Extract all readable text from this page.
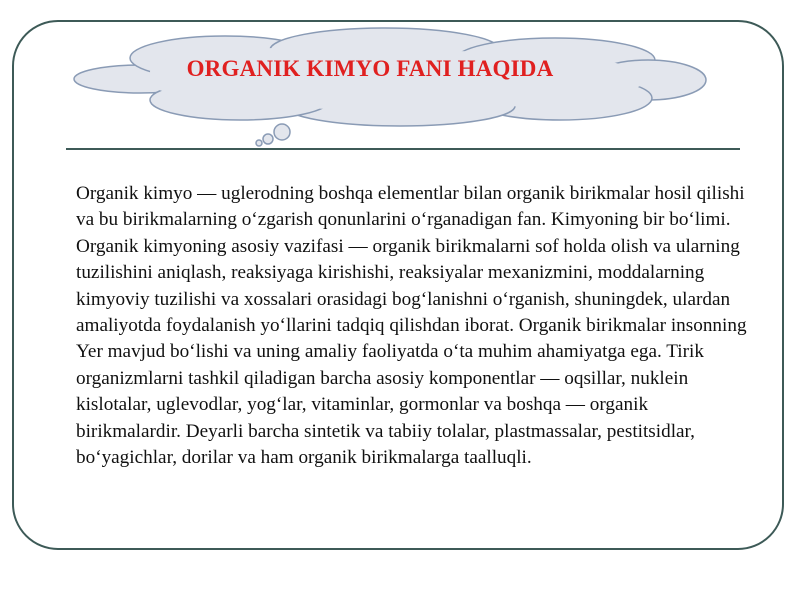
ORGANIK KIMYO FANI HAQIDA

Organik kimyo — uglerodning boshqa elementlar bilan organik birikmalar hosil qilishi va bu birikmalarning o‘zgarish qonunlarini o‘rganadigan fan. Kimyoning bir bo‘limi. Organik kimyoning asosiy vazifasi — organik birikmalarni sof holda olish va ularning tuzilishini aniqlash, reaksiyaga kirishishi, reaksiyalar mexanizmini, moddalarning kimyoviy tuzilishi va xossalari orasidagi bog‘lanishni o‘rganish, shuningdek, ulardan amaliyotda foydalanish yo‘llarini tadqiq qilishdan iborat. Organik birikmalar insonning Yer mavjud bo‘lishi va uning amaliy faoliyatda o‘ta muhim ahamiyatga ega. Tirik organizmlarni tashkil qiladigan barcha asosiy komponentlar — oqsillar, nuklein kislotalar, uglevodlar, yog‘lar, vitaminlar, gormonlar va boshqa — organik birikmalardir. Deyarli barcha sintetik va tabiiy tolalar, plastmassalar, pestitsidlar, bo‘yagichlar, dorilar va ham organik birikmalarga taalluqli.
